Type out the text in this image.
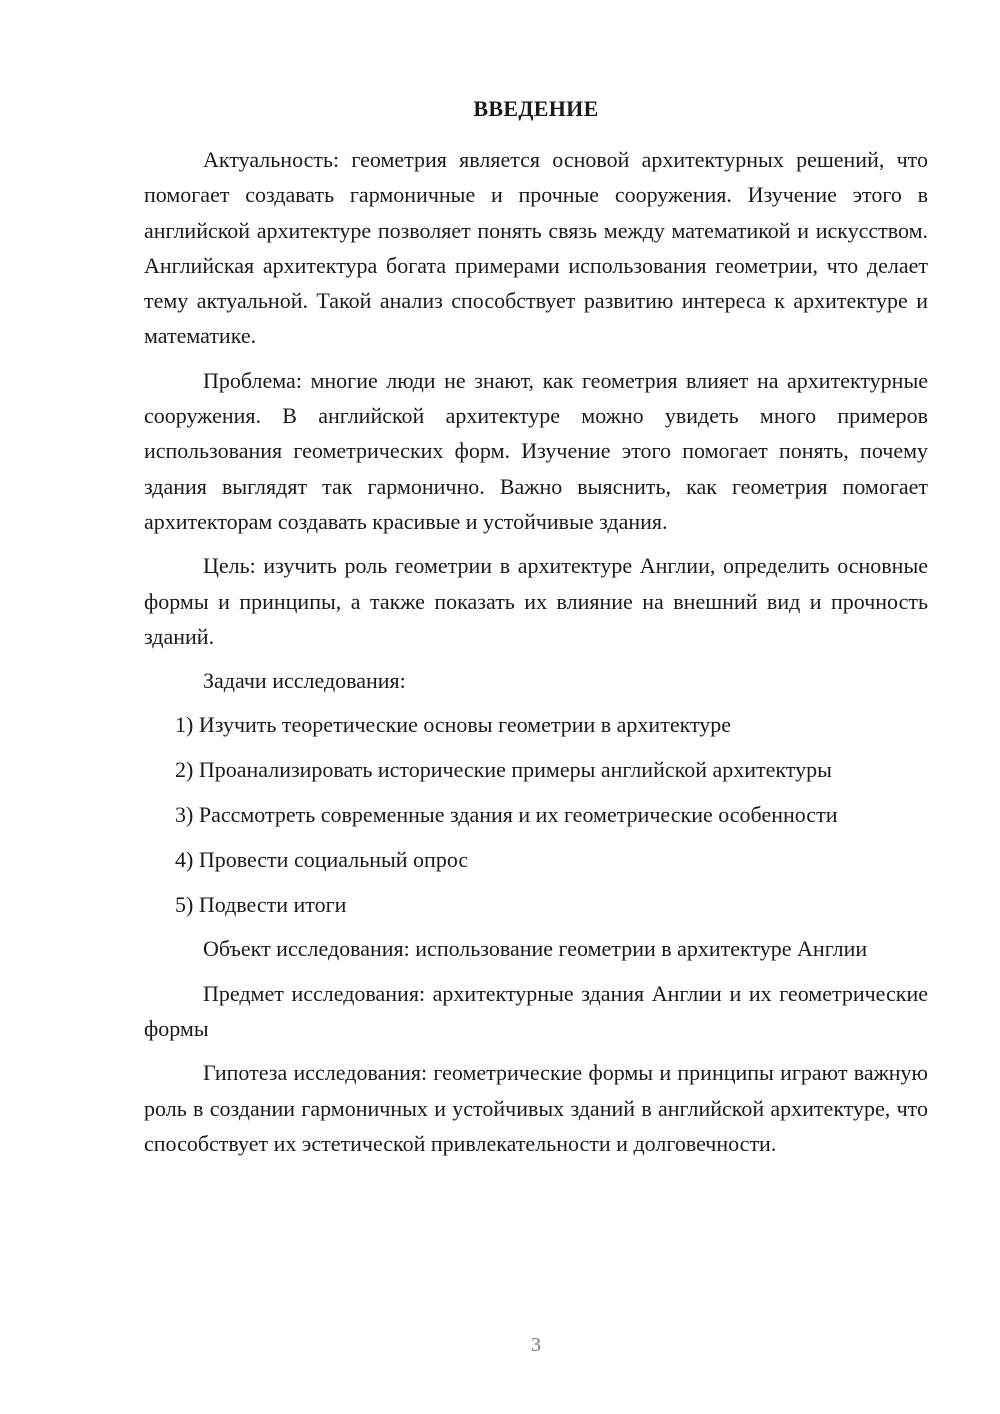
ВВЕДЕНИЕ

Актуальность: геометрия является основой архитектурных решений, что помогает создавать гармоничные и прочные сооружения. Изучение этого в английской архитектуре позволяет понять связь между математикой и искусством. Английская архитектура богата примерами использования геометрии, что делает тему актуальной. Такой анализ способствует развитию интереса к архитектуре и математике.

Проблема: многие люди не знают, как геометрия влияет на архитектурные сооружения. В английской архитектуре можно увидеть много примеров использования геометрических форм. Изучение этого помогает понять, почему здания выглядят так гармонично. Важно выяснить, как геометрия помогает архитекторам создавать красивые и устойчивые здания.

Цель: изучить роль геометрии в архитектуре Англии, определить основные формы и принципы, а также показать их влияние на внешний вид и прочность зданий.

Задачи исследования:

1) Изучить теоретические основы геометрии в архитектуре

2) Проанализировать исторические примеры английской архитектуры

3) Рассмотреть современные здания и их геометрические особенности

4) Провести социальный опрос

5) Подвести итоги

Объект исследования: использование геометрии в архитектуре Англии

Предмет исследования: архитектурные здания Англии и их геометрические формы

Гипотеза исследования: геометрические формы и принципы играют важную роль в создании гармоничных и устойчивых зданий в английской архитектуре, что способствует их эстетической привлекательности и долговечности.

3
